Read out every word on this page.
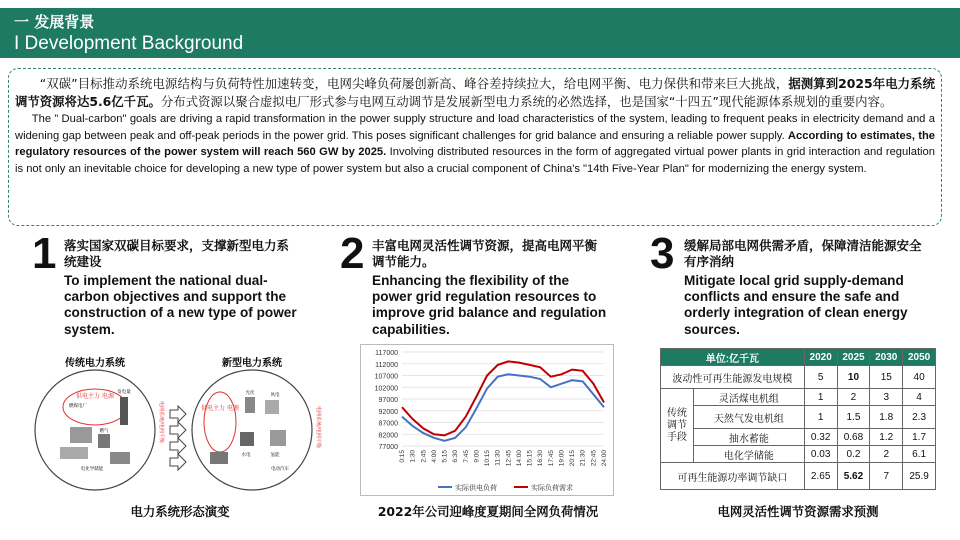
一 发展背景
I Development Background

“双碳”目标推动系统电源结构与负荷特性加速转变，电网尖峰负荷屡创新高、峰谷差持续拉大，给电网平衡、电力保供和带来巨大挑战，据测算到2025年电力系统调节资源将达5.6亿千瓦。分布式资源以聚合虚拟电厂形式参与电网互动调节是发展新型电力系统的必然选择，也是国家“十四五”现代能源体系规划的重要内容。

The ” Dual-carbon" goals are driving a rapid transformation in the power supply structure and load characteristics of the system, leading to frequent peaks in electricity demand and a widening gap between peak and off-peak periods in the power grid. This poses significant challenges for grid balance and ensuring a reliable power supply. According to estimates, the regulatory resources of the power system will reach 560 GW by 2025. Involving distributed resources in the form of aggregated virtual power plants in grid interaction and regulation is not only an inevitable choice for developing a new type of power system but also a crucial component of China's "14th Five-Year Plan" for modernizing the energy system.

1 落实国家双碳目标要求，支撑新型电力系统建设
To implement the national dual-carbon objectives and support the construction of a new type of power system.
传统电力系统	新型电力系统
供电主力 电源
燃煤电厂
发电量
燃气
电化学储能
供电主力 电源
光伏	风电
氢能
水电
电动汽车
电网系统/电网平衡	电网系统/电网平衡
电力系统形态演变
2 丰富电网灵活性调节资源，提高电网平衡调节能力。
Enhancing the flexibility of the power grid regulation resources to improve grid balance and regulation capabilities.
77000
82000
87000
92000
97000
102000
107000
112000
117000
0:15 1:30 2:45 4:00 5:15 6:30 7:45 9:00 10:15 11:30 12:45 14:00 15:15 16:30 17:45 19:00 20:15 21:30 22:45 24:00
实际供电负荷	实际负荷需求
2022年公司迎峰度夏期间全网负荷情况
3 缓解局部电网供需矛盾，保障清洁能源安全有序消纳
Mitigate local grid supply-demand conflicts and ensure the safe and orderly integration of clean energy sources.
单位:亿千瓦		2020	2025	2030	2050
波动性可再生能源发电规模		5	10	15	40
传统调节手段	灵活煤电机组	1	2	3	4
	天然气发电机组	1	1.5	1.8	2.3
	抽水蓄能	0.32	0.68	1.2	1.7
	电化学储能	0.03	0.2	2	6.1
可再生能源功率调节缺口		2.65	5.62	7	25.9
电网灵活性调节资源需求预测
